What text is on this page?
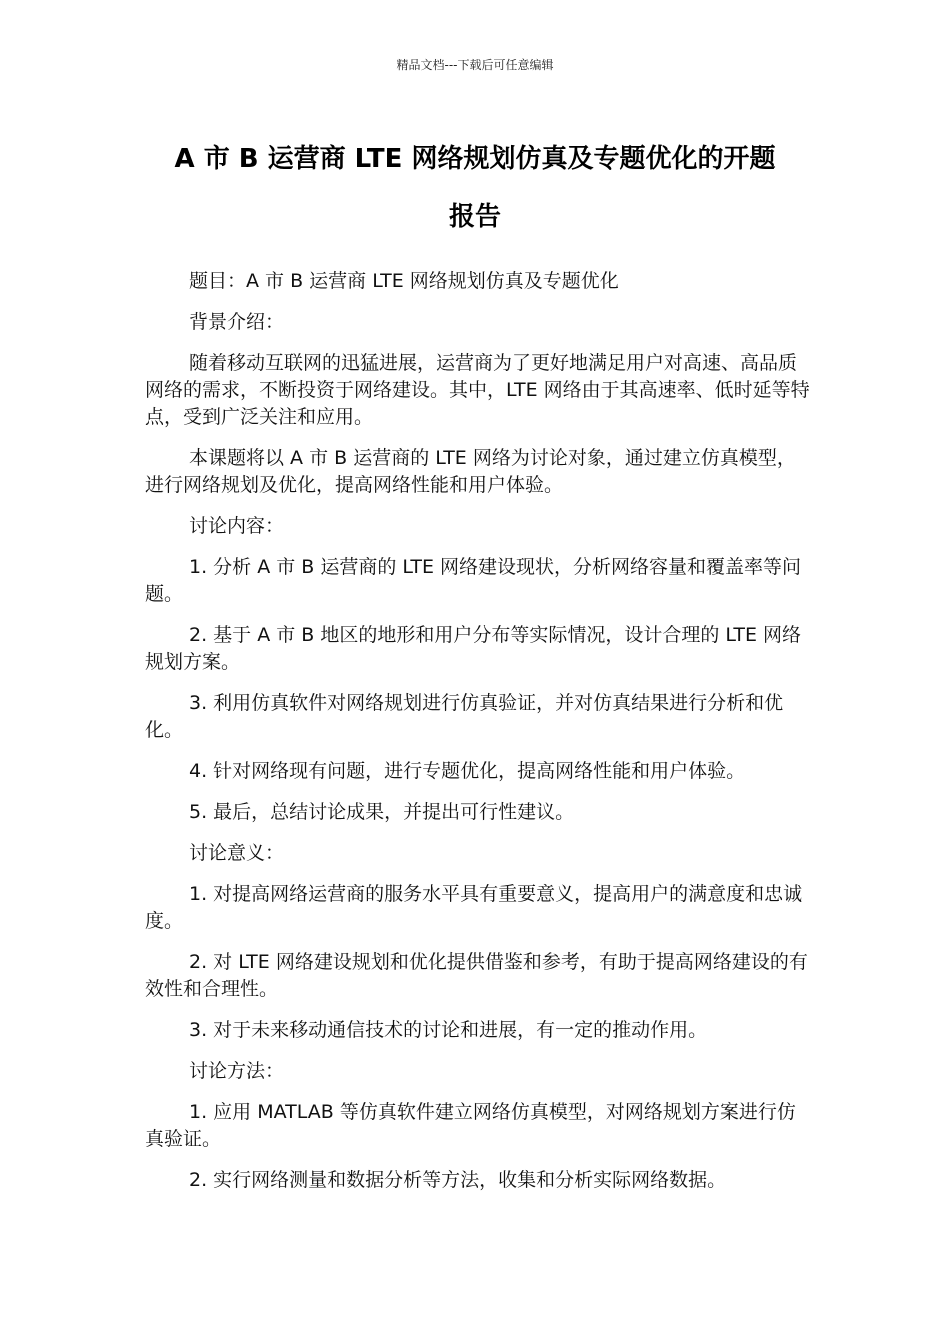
精品文档---下载后可任意编辑
A 市 B 运营商 LTE 网络规划仿真及专题优化的开题
报告

题目：A 市 B 运营商 LTE 网络规划仿真及专题优化

背景介绍：

随着移动互联网的迅猛进展，运营商为了更好地满足用户对高速、高品质网络的需求，不断投资于网络建设。其中，LTE 网络由于其高速率、低时延等特点，受到广泛关注和应用。

本课题将以 A 市 B 运营商的 LTE 网络为讨论对象，通过建立仿真模型，进行网络规划及优化，提高网络性能和用户体验。

讨论内容：

1. 分析 A 市 B 运营商的 LTE 网络建设现状，分析网络容量和覆盖率等问题。

2. 基于 A 市 B 地区的地形和用户分布等实际情况，设计合理的 LTE 网络规划方案。

3. 利用仿真软件对网络规划进行仿真验证，并对仿真结果进行分析和优化。

4. 针对网络现有问题，进行专题优化，提高网络性能和用户体验。

5. 最后，总结讨论成果，并提出可行性建议。

讨论意义：

1. 对提高网络运营商的服务水平具有重要意义，提高用户的满意度和忠诚度。

2. 对 LTE 网络建设规划和优化提供借鉴和参考，有助于提高网络建设的有效性和合理性。

3. 对于未来移动通信技术的讨论和进展，有一定的推动作用。

讨论方法：

1. 应用 MATLAB 等仿真软件建立网络仿真模型，对网络规划方案进行仿真验证。

2. 实行网络测量和数据分析等方法，收集和分析实际网络数据。
